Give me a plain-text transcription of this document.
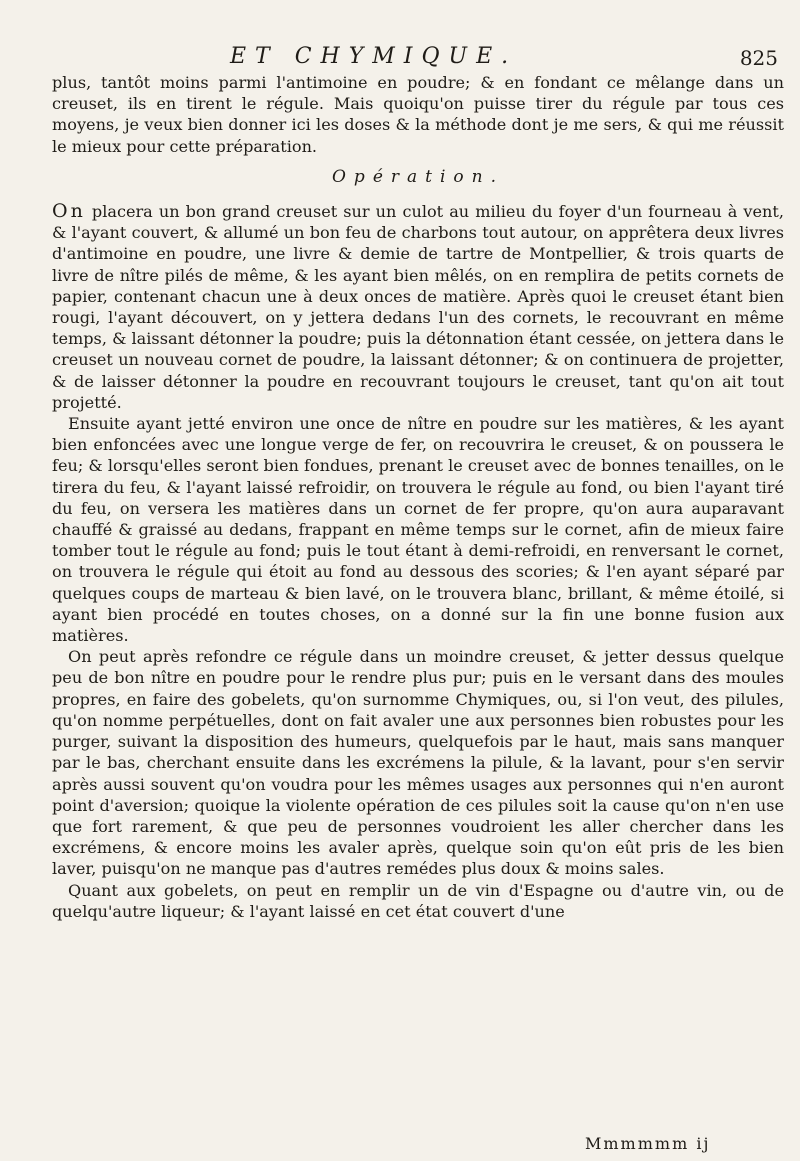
ET CHYMIQUE.	825

plus, tantôt moins parmi l'antimoine en poudre; & en fondant ce mêlange dans un creuset, ils en tirent le régule. Mais quoiqu'on puisse tirer du régule par tous ces moyens, je veux bien donner ici les doses & la méthode dont je me sers, & qui me réussit le mieux pour cette préparation.

Opération.

On placera un bon grand creuset sur un culot au milieu du foyer d'un fourneau à vent, & l'ayant couvert, & allumé un bon feu de charbons tout autour, on apprêtera deux livres d'antimoine en poudre, une livre & demie de tartre de Montpellier, & trois quarts de livre de nître pilés de même, & les ayant bien mêlés, on en remplira de petits cornets de papier, contenant chacun une à deux onces de matière. Après quoi le creuset étant bien rougi, l'ayant découvert, on y jettera dedans l'un des cornets, le recouvrant en même temps, & laissant détonner la poudre; puis la détonnation étant cessée, on jettera dans le creuset un nouveau cornet de poudre, la laissant détonner; & on continuera de projetter, & de laisser détonner la poudre en recouvrant toujours le creuset, tant qu'on ait tout projetté.

Ensuite ayant jetté environ une once de nître en poudre sur les matières, & les ayant bien enfoncées avec une longue verge de fer, on recouvrira le creuset, & on poussera le feu; & lorsqu'elles seront bien fondues, prenant le creuset avec de bonnes tenailles, on le tirera du feu, & l'ayant laissé refroidir, on trouvera le régule au fond, ou bien l'ayant tiré du feu, on versera les matières dans un cornet de fer propre, qu'on aura auparavant chauffé & graissé au dedans, frappant en même temps sur le cornet, afin de mieux faire tomber tout le régule au fond; puis le tout étant à demi-refroidi, en renversant le cornet, on trouvera le régule qui étoit au fond au dessous des scories; & l'en ayant séparé par quelques coups de marteau & bien lavé, on le trouvera blanc, brillant, & même étoilé, si ayant bien procédé en toutes choses, on a donné sur la fin une bonne fusion aux matières.

On peut après refondre ce régule dans un moindre creuset, & jetter dessus quelque peu de bon nître en poudre pour le rendre plus pur; puis en le versant dans des moules propres, en faire des gobelets, qu'on surnomme Chymiques, ou, si l'on veut, des pilules, qu'on nomme perpétuelles, dont on fait avaler une aux personnes bien robustes pour les purger, suivant la disposition des humeurs, quelquefois par le haut, mais sans manquer par le bas, cherchant ensuite dans les excrémens la pilule, & la lavant, pour s'en servir après aussi souvent qu'on voudra pour les mêmes usages aux personnes qui n'en auront point d'aversion; quoique la violente opération de ces pilules soit la cause qu'on n'en use que fort rarement, & que peu de personnes voudroient les aller chercher dans les excrémens, & encore moins les avaler après, quelque soin qu'on eût pris de les bien laver, puisqu'on ne manque pas d'autres remédes plus doux & moins sales.

Quant aux gobelets, on peut en remplir un de vin d'Espagne ou d'autre vin, ou de quelqu'autre liqueur; & l'ayant laissé en cet état couvert d'une

Mmmmmm ij
